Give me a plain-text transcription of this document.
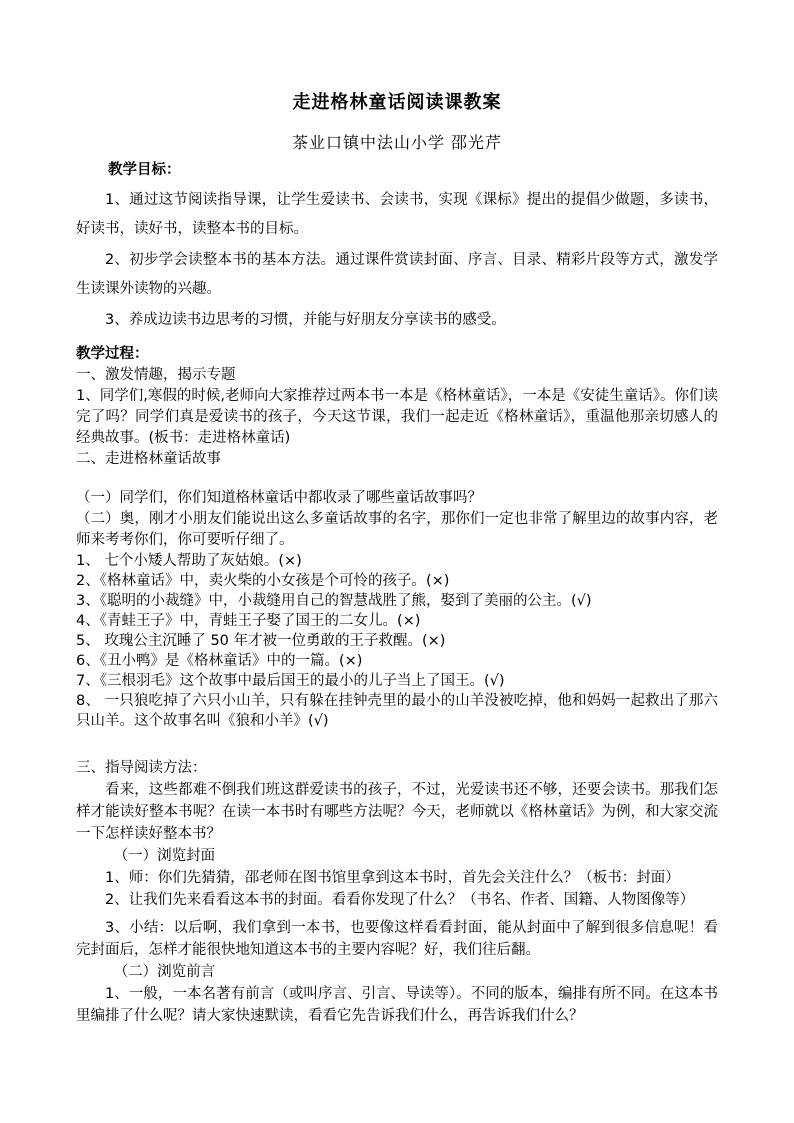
走进格林童话阅读课教案
茶业口镇中法山小学 邵光芹
教学目标：

1、通过这节阅读指导课，让学生爱读书、会读书，实现《课标》提出的提倡少做题，多读书，好读书，读好书，读整本书的目标。

2、初步学会读整本书的基本方法。通过课件赏读封面、序言、目录、精彩片段等方式，激发学生读课外读物的兴趣。

3、养成边读书边思考的习惯，并能与好朋友分享读书的感受。

教学过程：

一、激发情趣，揭示专题

1、同学们,寒假的时候,老师向大家推荐过两本书一本是《格林童话》，一本是《安徒生童话》。你们读完了吗？同学们真是爱读书的孩子，今天这节课，我们一起走近《格林童话》，重温他那亲切感人的经典故事。(板书：走进格林童话)

二、走进格林童话故事

（一）同学们，你们知道格林童话中都收录了哪些童话故事吗？

（二）奥，刚才小朋友们能说出这么多童话故事的名字，那你们一定也非常了解里边的故事内容，老师来考考你们，你可要听仔细了。

1、 七个小矮人帮助了灰姑娘。(×)
2、《格林童话》中，卖火柴的小女孩是个可怜的孩子。(×)
3、《聪明的小裁缝》中，小裁缝用自己的智慧战胜了熊，娶到了美丽的公主。(√)
4、《青蛙王子》中，青蛙王子娶了国王的二女儿。(×)
5、 玫瑰公主沉睡了 50 年才被一位勇敢的王子救醒。(×)
6、《丑小鸭》是《格林童话》中的一篇。(×)
7、《三根羽毛》这个故事中最后国王的最小的儿子当上了国王。(√)
8、 一只狼吃掉了六只小山羊，只有躲在挂钟壳里的最小的山羊没被吃掉，他和妈妈一起救出了那六只山羊。这个故事名叫《狼和小羊》(√)

三、指导阅读方法：

看来，这些都难不倒我们班这群爱读书的孩子，不过，光爱读书还不够，还要会读书。那我们怎样才能读好整本书呢？在读一本书时有哪些方法呢？今天，老师就以《格林童话》为例，和大家交流一下怎样读好整本书？

（一）浏览封面

1、师：你们先猜猜，邵老师在图书馆里拿到这本书时，首先会关注什么？（板书：封面）

2、让我们先来看看这本书的封面。看看你发现了什么？（书名、作者、国籍、人物图像等）

3、小结：以后啊，我们拿到一本书，也要像这样看看封面，能从封面中了解到很多信息呢！看完封面后，怎样才能很快地知道这本书的主要内容呢？好，我们往后翻。

（二）浏览前言

1、一般，一本名著有前言（或叫序言、引言、导读等）。不同的版本，编排有所不同。在这本书里编排了什么呢？请大家快速默读，看看它先告诉我们什么，再告诉我们什么？
